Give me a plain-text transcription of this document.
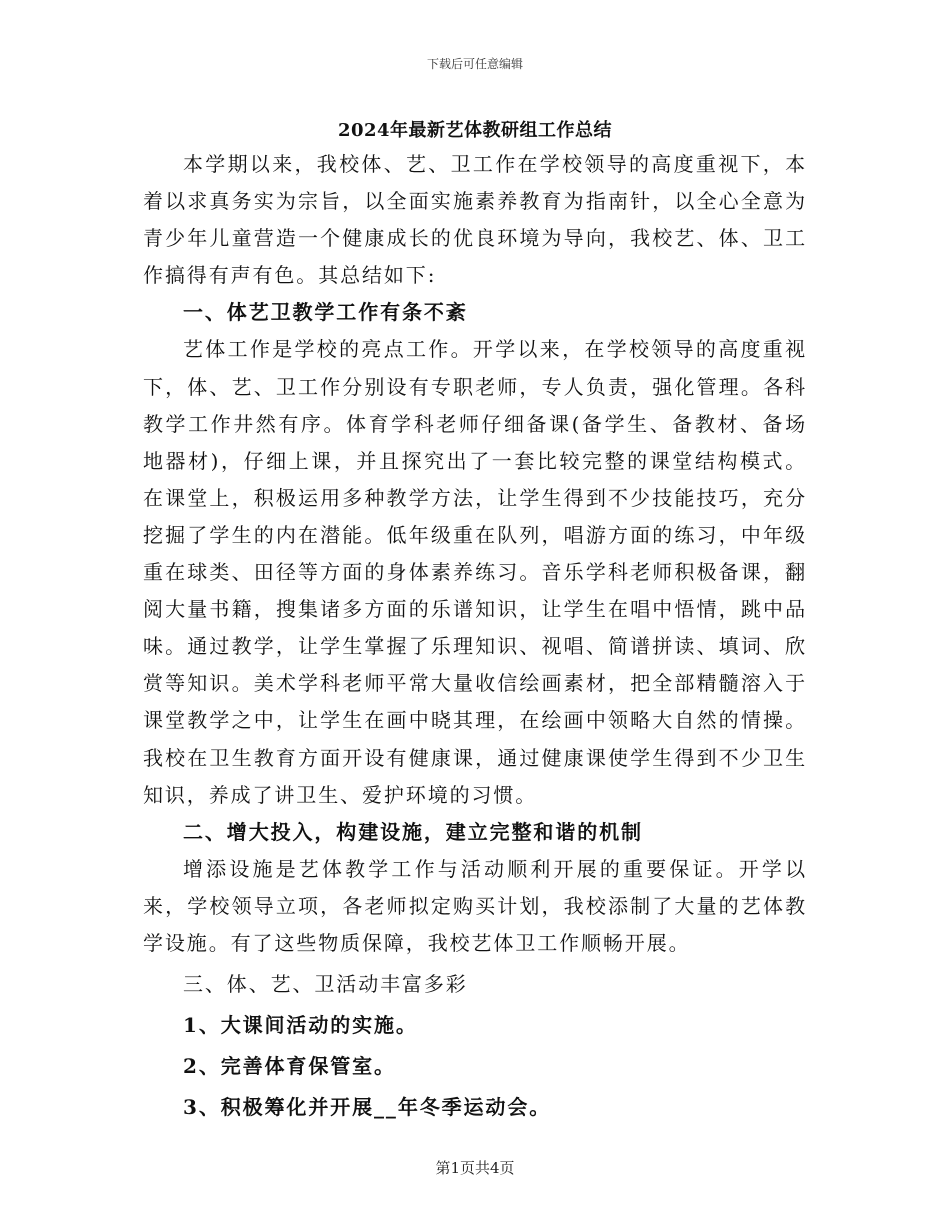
下载后可任意编辑
2024年最新艺体教研组工作总结

本学期以来，我校体、艺、卫工作在学校领导的高度重视下，本着以求真务实为宗旨，以全面实施素养教育为指南针，以全心全意为青少年儿童营造一个健康成长的优良环境为导向，我校艺、体、卫工作搞得有声有色。其总结如下:

一、体艺卫教学工作有条不紊

艺体工作是学校的亮点工作。开学以来，在学校领导的高度重视下，体、艺、卫工作分别设有专职老师，专人负责，强化管理。各科教学工作井然有序。体育学科老师仔细备课(备学生、备教材、备场地器材)，仔细上课，并且探究出了一套比较完整的课堂结构模式。在课堂上，积极运用多种教学方法，让学生得到不少技能技巧，充分挖掘了学生的内在潜能。低年级重在队列，唱游方面的练习，中年级重在球类、田径等方面的身体素养练习。音乐学科老师积极备课，翻阅大量书籍，搜集诸多方面的乐谱知识，让学生在唱中悟情，跳中品味。通过教学，让学生掌握了乐理知识、视唱、简谱拼读、填词、欣赏等知识。美术学科老师平常大量收信绘画素材，把全部精髓溶入于课堂教学之中，让学生在画中晓其理，在绘画中领略大自然的情操。我校在卫生教育方面开设有健康课，通过健康课使学生得到不少卫生知识，养成了讲卫生、爱护环境的习惯。

二、增大投入，构建设施，建立完整和谐的机制

增添设施是艺体教学工作与活动顺利开展的重要保证。开学以来，学校领导立项，各老师拟定购买计划，我校添制了大量的艺体教学设施。有了这些物质保障，我校艺体卫工作顺畅开展。

三、体、艺、卫活动丰富多彩

1、大课间活动的实施。

2、完善体育保管室。

3、积极筹化并开展__年冬季运动会。

第1页共4页
